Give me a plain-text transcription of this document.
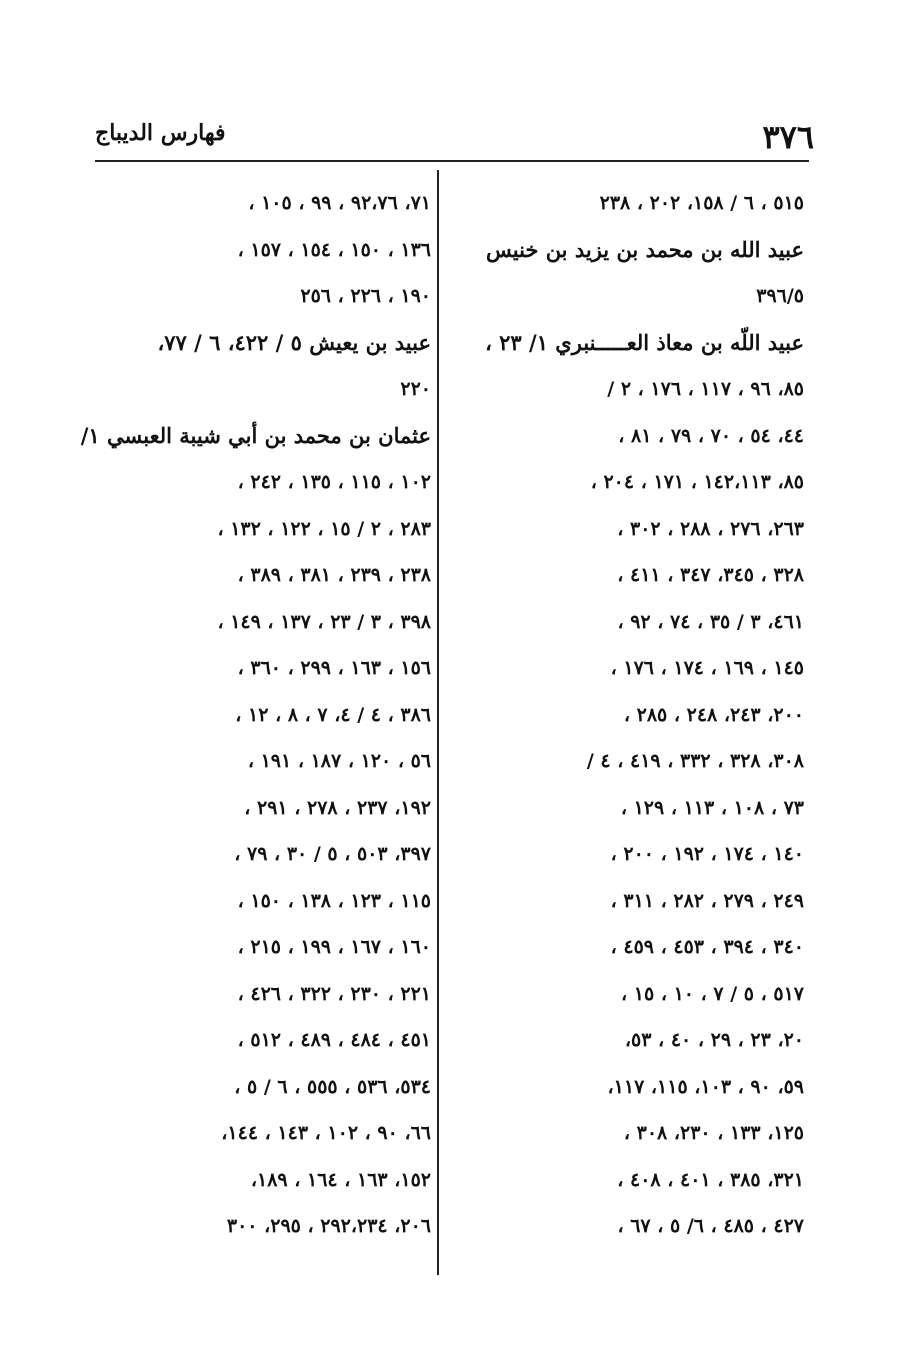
٣٧٦
فهارس الديباج
٥١٥ ، ٦ / ١٥٨، ٢٠٢ ، ٢٣٨
عبيد الله بن محمد بن يزيد بن خنيس
٣٩٦/٥
عبيد اللّه بن معاذ العـــــنبري ١/ ٢٣ ،
٨٥، ٩٦ ، ١١٧ ، ١٧٦ ، ٢ /
٤٤، ٥٤ ، ٧٠ ، ٧٩ ، ٨١ ،
٨٥، ١٤٢،١١٣ ، ١٧١ ، ٢٠٤ ،
٢٦٣، ٢٧٦ ، ٢٨٨ ، ٣٠٢ ،
٣٢٨ ، ٣٤٥، ٣٤٧ ، ٤١١ ،
٤٦١، ٣ / ٣٥ ، ٧٤ ، ٩٢ ،
١٤٥ ، ١٦٩ ، ١٧٤ ، ١٧٦ ،
٢٠٠، ٢٤٣، ٢٤٨ ، ٢٨٥ ،
٣٠٨، ٣٢٨ ، ٣٣٢ ، ٤١٩ ، ٤ /
٧٣ ، ١٠٨ ، ١١٣ ، ١٢٩ ،
١٤٠ ، ١٧٤ ، ١٩٢ ، ٢٠٠ ،
٢٤٩ ، ٢٧٩ ، ٢٨٢ ، ٣١١ ،
٣٤٠ ، ٣٩٤ ، ٤٥٣ ، ٤٥٩ ،
٥١٧ ، ٥ / ٧ ، ١٠ ، ١٥ ،
٢٠، ٢٣ ، ٢٩ ، ٤٠ ، ٥٣،
٥٩، ٩٠ ، ١٠٣، ١١٥، ١١٧،
١٢٥، ١٣٣ ، ٢٣٠، ٣٠٨ ،
٣٢١، ٣٨٥ ، ٤٠١ ، ٤٠٨ ،
٤٢٧ ، ٤٨٥ ، ٦/ ٥ ، ٦٧ ،
٧١، ٩٢،٧٦ ، ٩٩ ، ١٠٥ ،
١٣٦ ، ١٥٠ ، ١٥٤ ، ١٥٧ ،
١٩٠ ، ٢٢٦ ، ٢٥٦
عبيد بن يعيش ٥ / ٤٢٢، ٦ / ٧٧،
٢٢٠
عثمان بن محمد بن أبي شيبة العبسي ١/
١٠٢ ، ١١٥ ، ١٣٥ ، ٢٤٢ ،
٢٨٣ ، ٢ / ١٥ ، ١٢٢ ، ١٣٢ ،
٢٣٨ ، ٢٣٩ ، ٣٨١ ، ٣٨٩ ،
٣٩٨ ، ٣ / ٢٣ ، ١٣٧ ، ١٤٩ ،
١٥٦ ، ١٦٣ ، ٢٩٩ ، ٣٦٠ ،
٣٨٦ ، ٤ / ٤، ٧ ، ٨ ، ١٢ ،
٥٦ ، ١٢٠ ، ١٨٧ ، ١٩١ ،
١٩٢، ٢٣٧ ، ٢٧٨ ، ٢٩١ ،
٣٩٧، ٥٠٣ ، ٥ / ٣٠ ، ٧٩ ،
١١٥ ، ١٢٣ ، ١٣٨ ، ١٥٠ ،
١٦٠ ، ١٦٧ ، ١٩٩ ، ٢١٥ ،
٢٢١ ، ٢٣٠ ، ٣٢٢ ، ٤٢٦ ،
٤٥١ ، ٤٨٤ ، ٤٨٩ ، ٥١٢ ،
٥٣٤، ٥٣٦ ، ٥٥٥ ، ٦ / ٥ ،
٦٦، ٩٠ ، ١٠٢ ، ١٤٣ ، ١٤٤،
١٥٢، ١٦٣ ، ١٦٤ ، ١٨٩،
٢٠٦، ٢٩٢،٢٣٤ ، ٢٩٥، ٣٠٠
